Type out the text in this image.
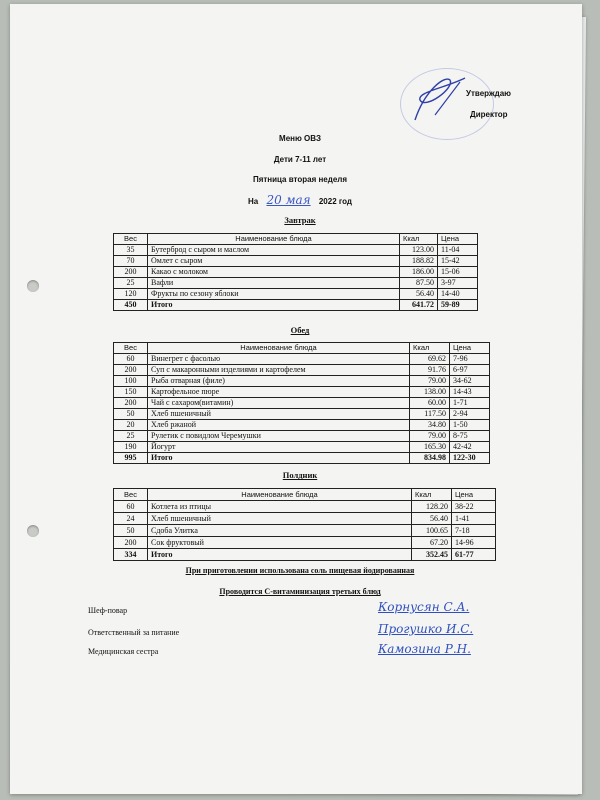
Утверждаю
Директор
Меню ОВЗ
Дети 7-11 лет
Пятница вторая неделя
На 20 мая 2022 год
Завтрак
Вес	Наименование блюда	Ккал	Цена
35	Бутерброд с сыром и маслом	123.00	11-04
70	Омлет с сыром	188.82	15-42
200	Какао с молоком	186.00	15-06
25	Вафли	87.50	3-97
120	Фрукты по сезону яблоки	56.40	14-40
450	Итого	641.72	59-89
Обед
Вес	Наименование блюда	Ккал	Цена
60	Винегрет с фасолью	69.62	7-96
200	Суп с макаронными изделиями и картофелем	91.76	6-97
100	Рыба отварная (филе)	79.00	34-62
150	Картофельное пюре	138.00	14-43
200	Чай с сахаром(витамин)	60.00	1-71
50	Хлеб пшеничный	117.50	2-94
20	Хлеб ржаной	34.80	1-50
25	Рулетик с повидлом Черемушки	79.00	8-75
190	Йогурт	165.30	42-42
995	Итого	834.98	122-30
Полдник
Вес	Наименование блюда	Ккал	Цена
60	Котлета из птицы	128.20	38-22
24	Хлеб пшеничный	56.40	1-41
50	Сдоба Улитка	100.65	7-18
200	Сок фруктовый	67.20	14-96
334	Итого	352.45	61-77
При приготовлении использована соль пищевая йодированная
Проводится С-витаминизация третьих блюд
Шеф-повар	Корнусян С.А.
Ответственный за питание	Прогушко И.С.
Медицинская сестра	Камозина Р.Н.
